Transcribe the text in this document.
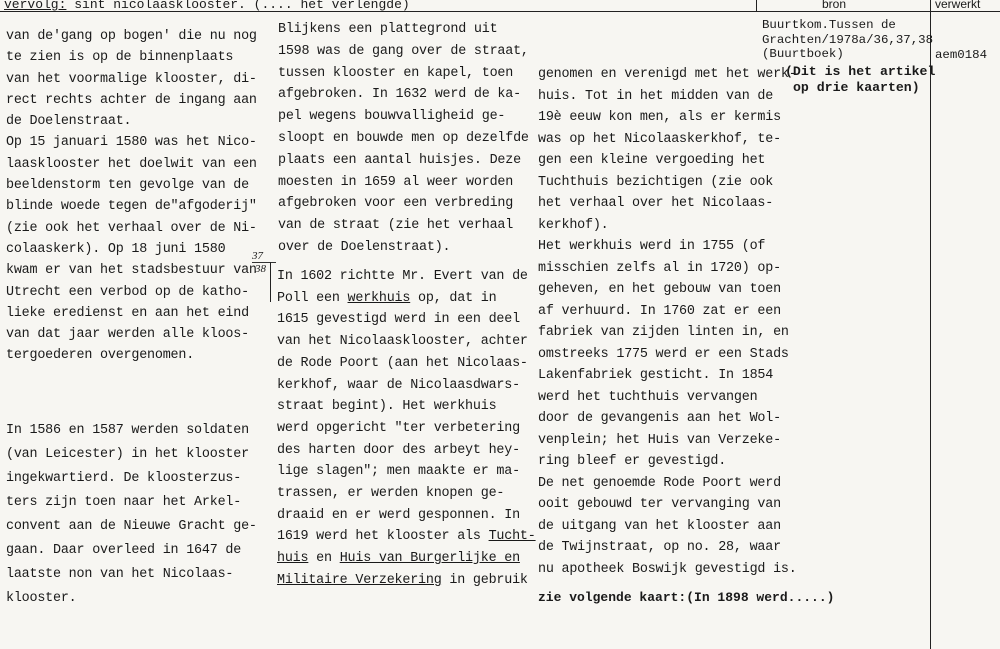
vervolg: sint nicolaasklooster. (.... het verlengde)	bron	verwerkt
Buurtkom.Tussen de
Grachten/1978a/36,37,38
(Buurtboek)	aem0184
(Dit is het artikel
op drie kaarten)
van de'gang op bogen' die nu nog
te zien is op de binnenplaats
van het voormalige klooster, di-
rect rechts achter de ingang aan
de Doelenstraat.
Op 15 januari 1580 was het Nico-
laasklooster het doelwit van een
beeldenstorm ten gevolge van de
blinde woede tegen de"afgoderij"
(zie ook het verhaal over de Ni-
colaaskerk). Op 18 juni 1580
kwam er van het stadsbestuur van
Utrecht een verbod op de katho-
lieke eredienst en aan het eind
van dat jaar werden alle kloos-
tergoederen overgenomen.
In 1586 en 1587 werden soldaten
(van Leicester) in het klooster
ingekwartierd. De kloosterzus-
ters zijn toen naar het Arkel-
convent aan de Nieuwe Gracht ge-
gaan. Daar overleed in 1647 de
laatste non van het Nicolaas-
klooster.
Blijkens een plattegrond uit
1598 was de gang over de straat,
tussen klooster en kapel, toen
afgebroken. In 1632 werd de ka-
pel wegens bouwvalligheid ge-
sloopt en bouwde men op dezelfde
plaats een aantal huisjes. Deze
moesten in 1659 al weer worden
afgebroken voor een verbreding
van de straat (zie het verhaal
over de Doelenstraat).
37
38 In 1602 richtte Mr. Evert van de
Poll een werkhuis op, dat in
1615 gevestigd werd in een deel
van het Nicolaasklooster, achter
de Rode Poort (aan het Nicolaas-
kerkhof, waar de Nicolaasdwars-
straat begint). Het werkhuis
werd opgericht "ter verbetering
des harten door des arbeyt hey-
lige slagen"; men maakte er ma-
trassen, er werden knopen ge-
draaid en er werd gesponnen. In
1619 werd het klooster als Tucht-
huis en Huis van Burgerlijke en
Militaire Verzekering in gebruik
genomen en verenigd met het werk-
huis. Tot in het midden van de
19è eeuw kon men, als er kermis
was op het Nicolaaskerkhof, te-
gen een kleine vergoeding het
Tuchthuis bezichtigen (zie ook
het verhaal over het Nicolaas-
kerkhof).
Het werkhuis werd in 1755 (of
misschien zelfs al in 1720) op-
geheven, en het gebouw van toen
af verhuurd. In 1760 zat er een
fabriek van zijden linten in, en
omstreeks 1775 werd er een Stads
Lakenfabriek gesticht. In 1854
werd het tuchthuis vervangen
door de gevangenis aan het Wol-
venplein; het Huis van Verzeke-
ring bleef er gevestigd.
De net genoemde Rode Poort werd
ooit gebouwd ter vervanging van
de uitgang van het klooster aan
de Twijnstraat, op no. 28, waar
nu apotheek Boswijk gevestigd is.
zie volgende kaart:(In 1898 werd.....)
